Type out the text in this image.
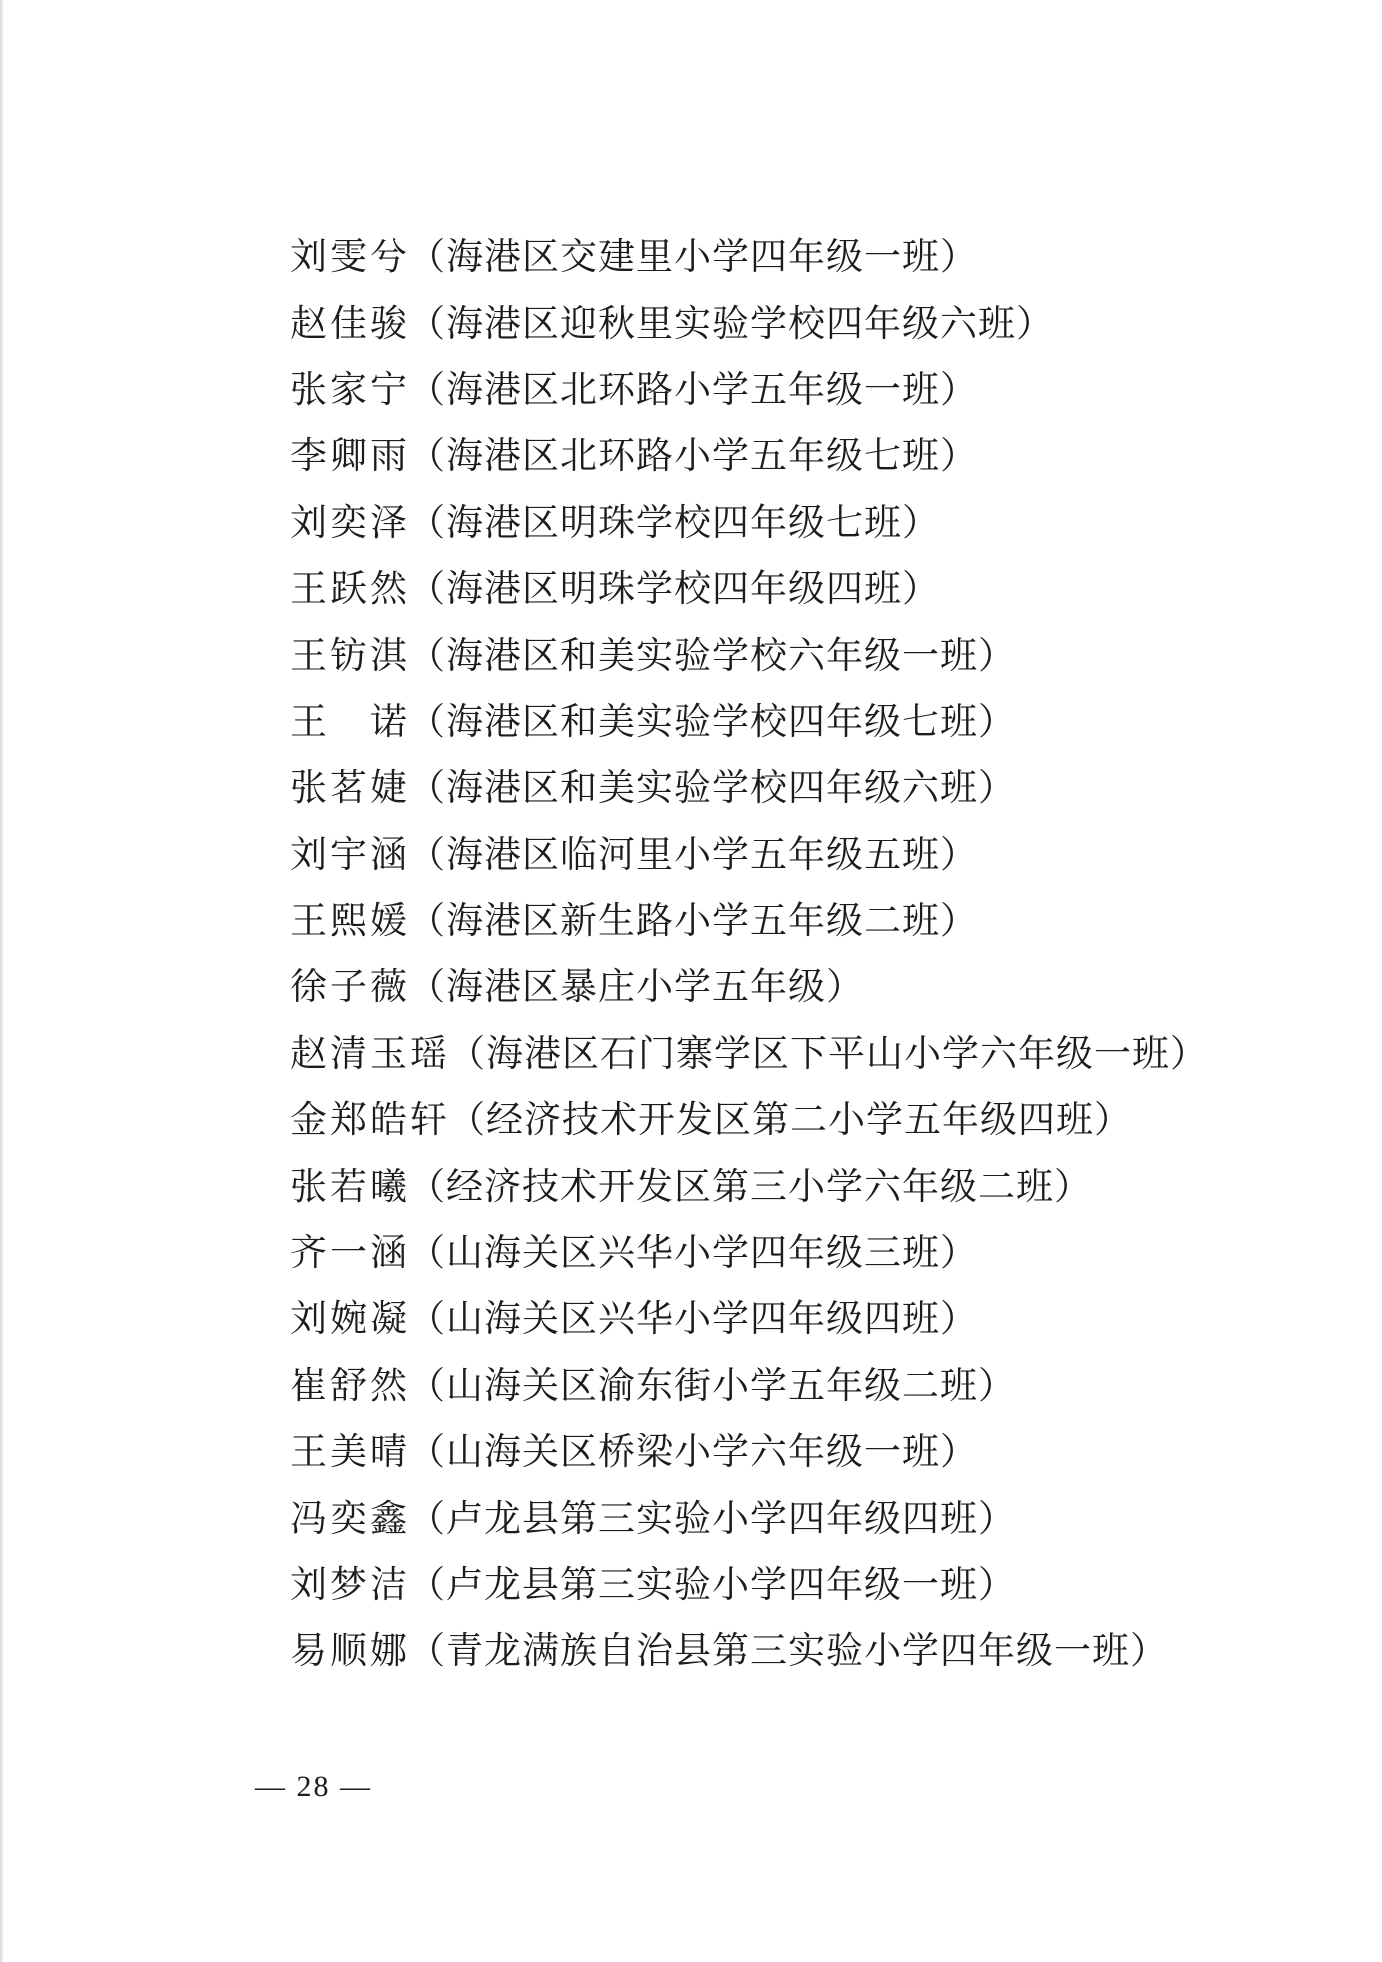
刘雯兮 （海港区交建里小学四年级一班）
赵佳骏 （海港区迎秋里实验学校四年级六班）
张家宁 （海港区北环路小学五年级一班）
李卿雨 （海港区北环路小学五年级七班）
刘奕泽 （海港区明珠学校四年级七班）
王跃然 （海港区明珠学校四年级四班）
王钫淇 （海港区和美实验学校六年级一班）
王诺 （海港区和美实验学校四年级七班）
张茗婕 （海港区和美实验学校四年级六班）
刘宇涵 （海港区临河里小学五年级五班）
王熙媛 （海港区新生路小学五年级二班）
徐子薇 （海港区暴庄小学五年级）
赵清玉瑶 （海港区石门寨学区下平山小学六年级一班）
金郑皓轩 （经济技术开发区第二小学五年级四班）
张若曦 （经济技术开发区第三小学六年级二班）
齐一涵 （山海关区兴华小学四年级三班）
刘婉凝 （山海关区兴华小学四年级四班）
崔舒然 （山海关区渝东街小学五年级二班）
王美晴 （山海关区桥梁小学六年级一班）
冯奕鑫 （卢龙县第三实验小学四年级四班）
刘梦洁 （卢龙县第三实验小学四年级一班）
易顺娜 （青龙满族自治县第三实验小学四年级一班）
— 28 —
